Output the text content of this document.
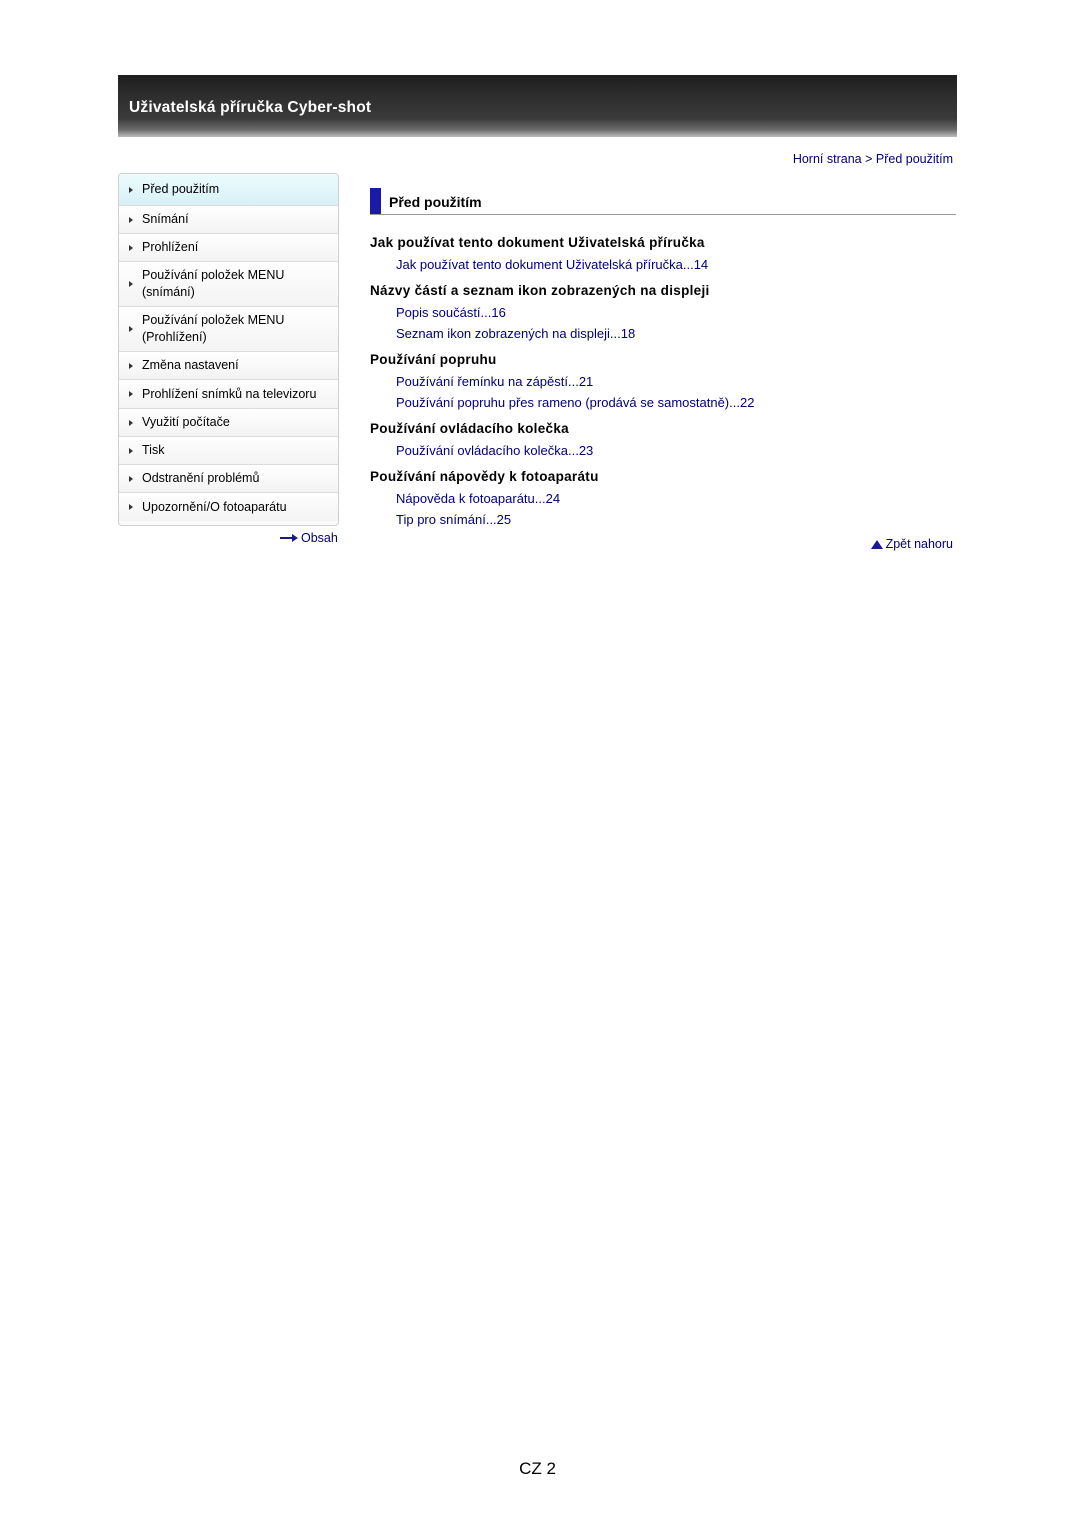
Uživatelská příručka Cyber-shot
Horní strana > Před použitím
Před použitím
Snímání
Prohlížení
Používání položek MENU (snímání)
Používání položek MENU (Prohlížení)
Změna nastavení
Prohlížení snímků na televizoru
Využití počítače
Tisk
Odstranění problémů
Upozornění/O fotoaparátu
Obsah
Před použitím
Jak používat tento dokument Uživatelská příručka
Jak používat tento dokument Uživatelská příručka...14
Názvy částí a seznam ikon zobrazených na displeji
Popis součástí...16
Seznam ikon zobrazených na displeji...18
Používání popruhu
Používání řemínku na zápěstí...21
Používání popruhu přes rameno (prodává se samostatně)...22
Používání ovládacího kolečka
Používání ovládacího kolečka...23
Používání nápovědy k fotoaparátu
Nápověda k fotoaparátu...24
Tip pro snímání...25
Zpět nahoru
CZ 2
